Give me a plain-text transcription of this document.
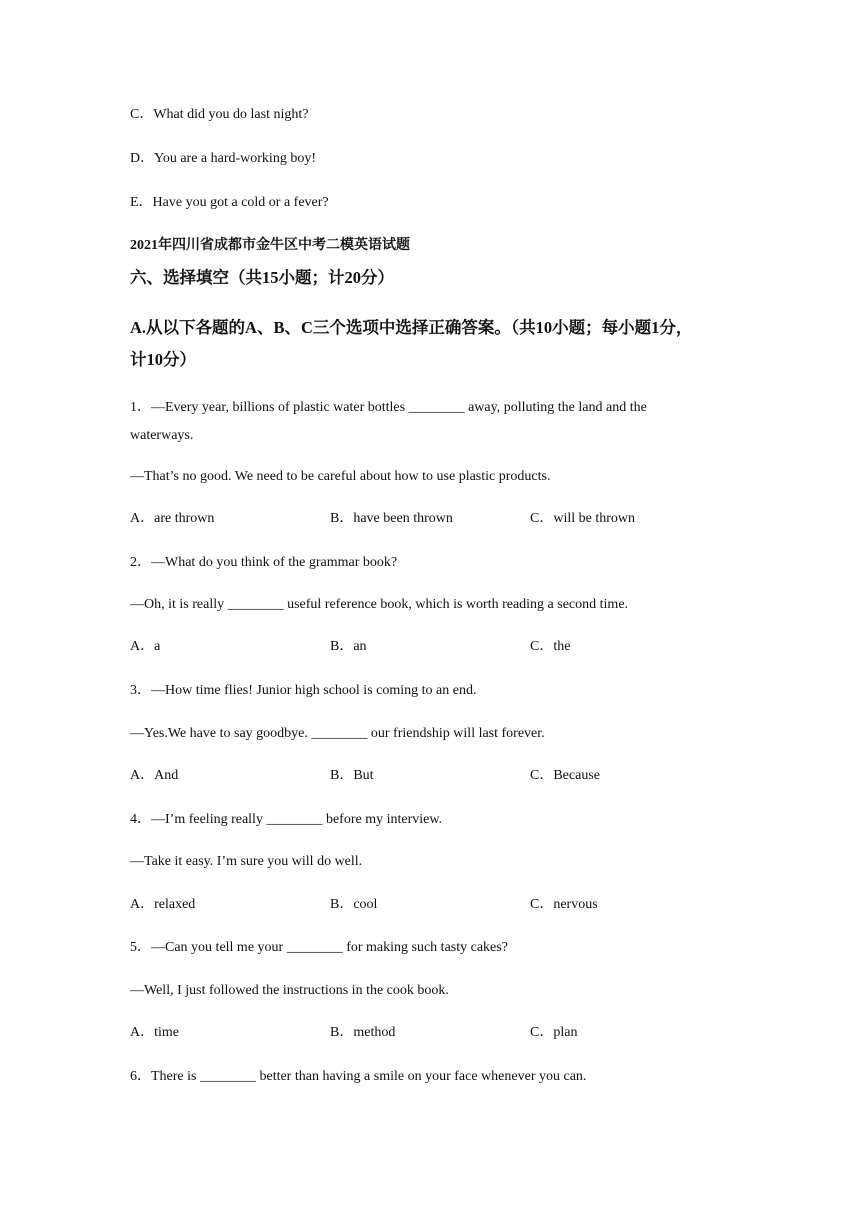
C．What did you do last night?
D．You are a hard-working boy!
E．Have you got a cold or a fever?
2021年四川省成都市金牛区中考二模英语试题
六、选择填空（共15小题；计20分）
A.从以下各题的A、B、C三个选项中选择正确答案。（共10小题；每小题1分，
计10分）
1．—Every year, billions of plastic water bottles ________ away, polluting the land and the
waterways.
—That’s no good. We need to be careful about how to use plastic products.
A．are thrown	B．have been thrown	C．will be thrown
2．—What do you think of the grammar book?
—Oh, it is really ________ useful reference book, which is worth reading a second time.
A．a	B．an	C．the
3．—How time flies! Junior high school is coming to an end.
—Yes.We have to say goodbye. ________ our friendship will last forever.
A．And	B．But	C．Because
4．—I’m feeling really ________ before my interview.
—Take it easy. I’m sure you will do well.
A．relaxed	B．cool	C．nervous
5．—Can you tell me your ________ for making such tasty cakes?
—Well, I just followed the instructions in the cook book.
A．time	B．method	C．plan
6．There is ________ better than having a smile on your face whenever you can.
